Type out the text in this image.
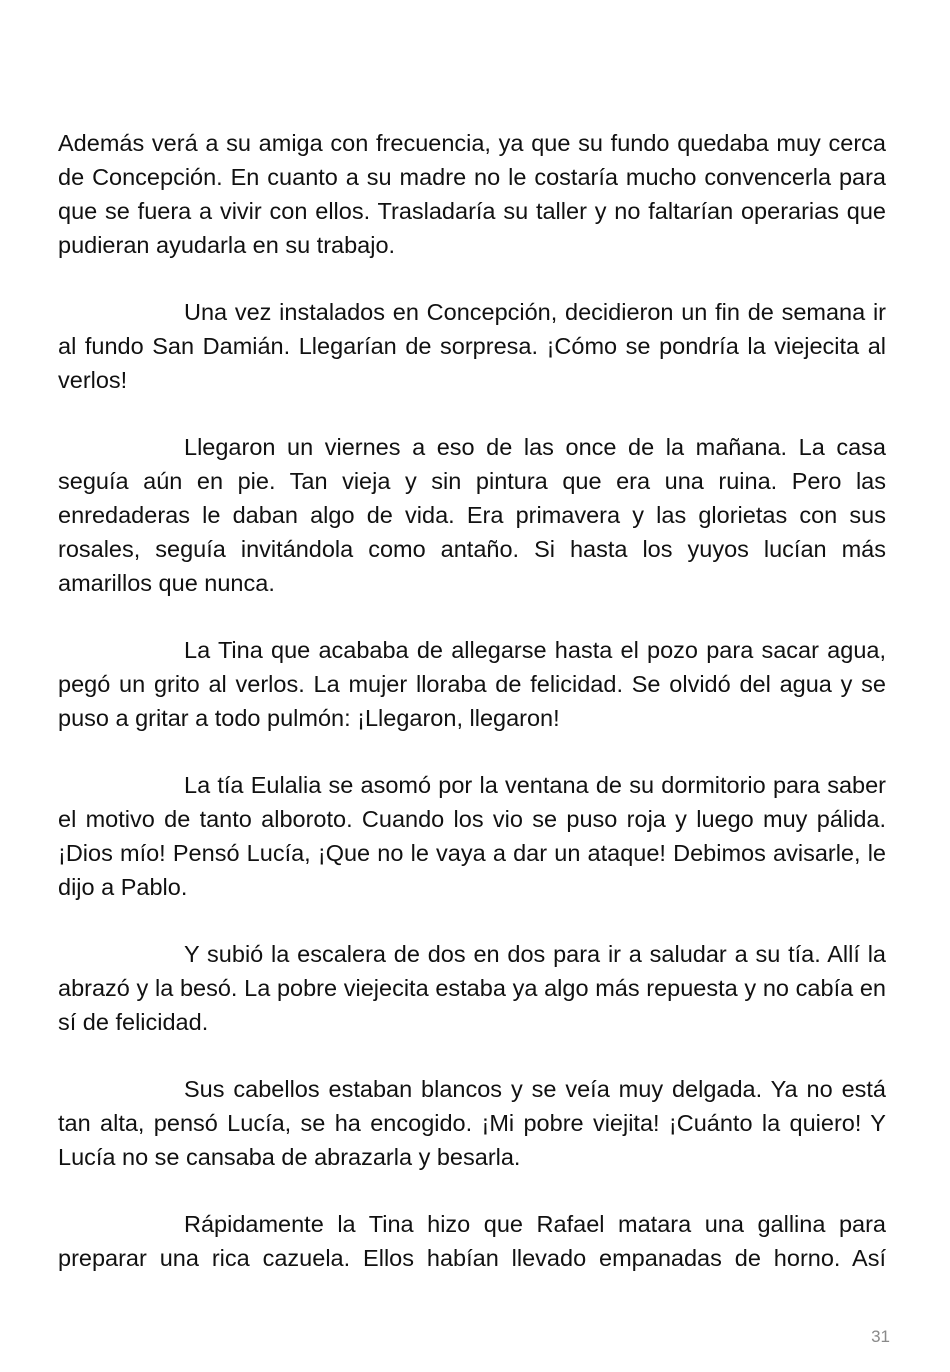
Además verá a su amiga con frecuencia, ya que su fundo quedaba muy cerca de Concepción. En cuanto a su madre no le costaría mucho convencerla para que se fuera a vivir con ellos. Trasladaría su taller y no faltarían operarias que pudieran ayudarla en su trabajo.

Una vez instalados en Concepción, decidieron un fin de semana ir al fundo San Damián. Llegarían de sorpresa. ¡Cómo se pondría la viejecita al verlos!

Llegaron un viernes a eso de las once de la mañana. La casa seguía aún en pie. Tan vieja y sin pintura que era una ruina. Pero las enredaderas le daban algo de vida. Era primavera y las glorietas con sus rosales, seguía invitándola como antaño. Si hasta los yuyos lucían más amarillos que nunca.

La Tina que acababa de allegarse hasta el pozo para sacar agua, pegó un grito al verlos. La mujer lloraba de felicidad. Se olvidó del agua y se puso a gritar a todo pulmón: ¡Llegaron, llegaron!

La tía Eulalia se asomó por la ventana de su dormitorio para saber el motivo de tanto alboroto. Cuando los vio se puso roja y luego muy pálida. ¡Dios mío! Pensó Lucía, ¡Que no le vaya a dar un ataque! Debimos avisarle, le dijo a Pablo.

Y subió la escalera de dos en dos para ir a saludar a su tía. Allí la abrazó y la besó. La pobre viejecita estaba ya algo más repuesta y no cabía en sí de felicidad.

Sus cabellos estaban blancos y se veía muy delgada. Ya no está tan alta, pensó Lucía, se ha encogido. ¡Mi pobre viejita! ¡Cuánto la quiero! Y Lucía no se cansaba de abrazarla y besarla.

Rápidamente la Tina hizo que Rafael matara una gallina para preparar una rica cazuela. Ellos habían llevado empanadas de horno. Así

31
